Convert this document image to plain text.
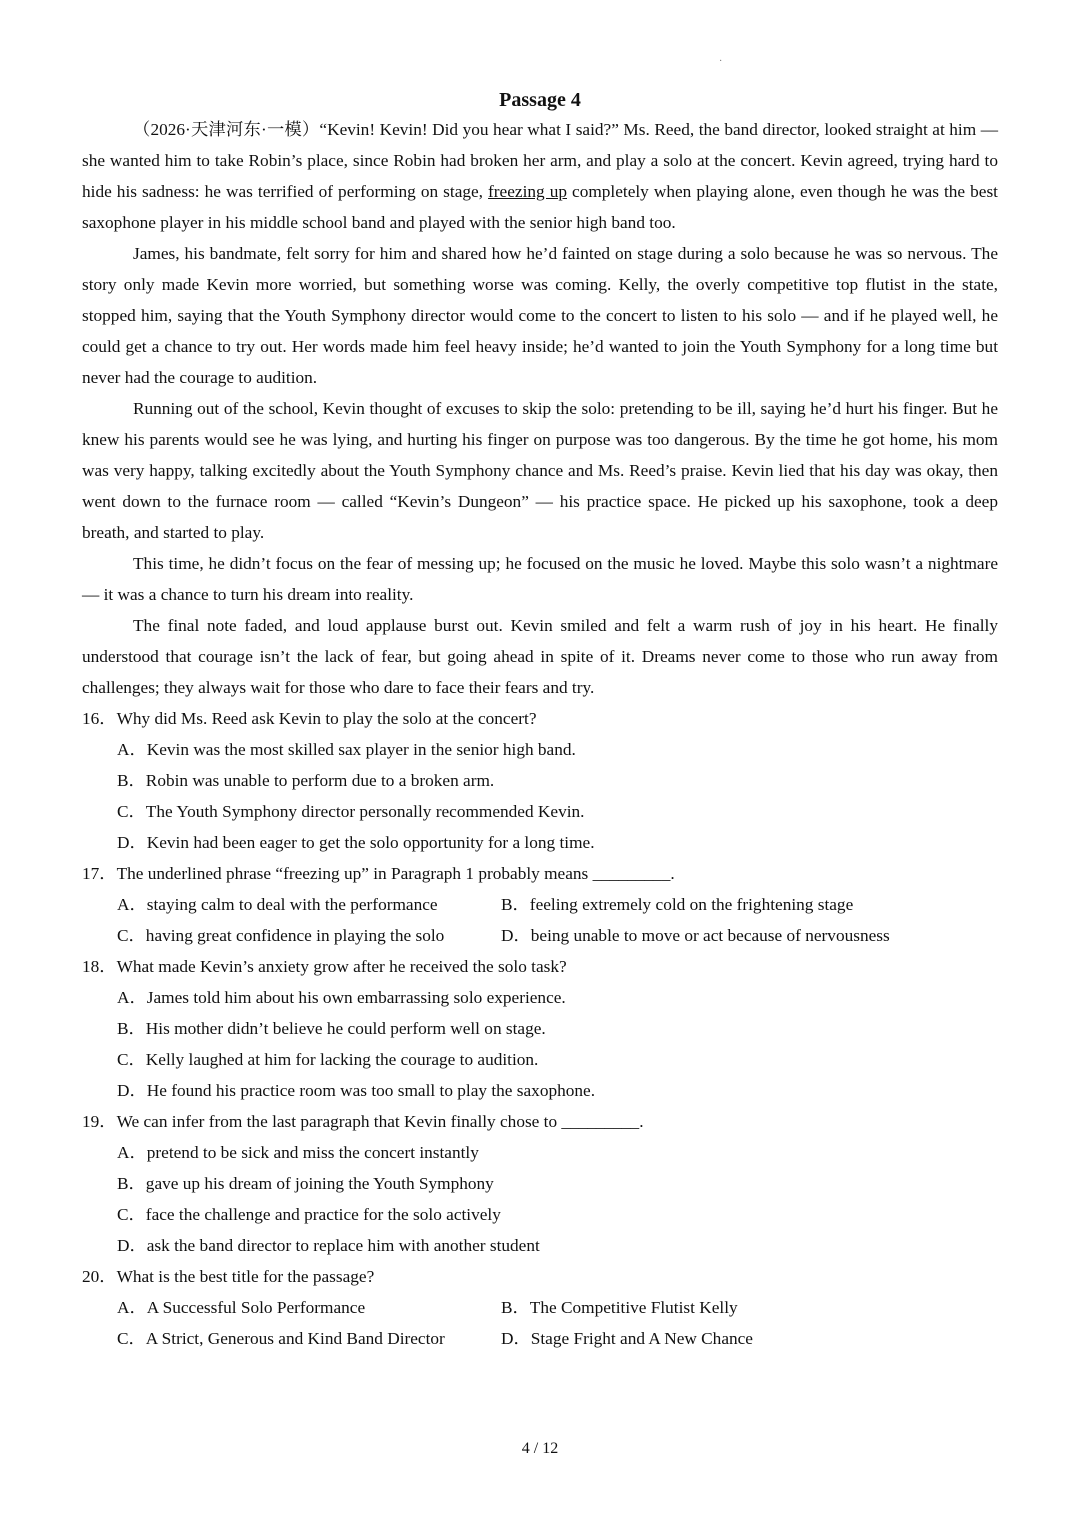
·
Passage 4

（2026·天津河东·一模）“Kevin! Kevin! Did you hear what I said?” Ms. Reed, the band director, looked straight at him — she wanted him to take Robin’s place, since Robin had broken her arm, and play a solo at the concert. Kevin agreed, trying hard to hide his sadness: he was terrified of performing on stage, freezing up completely when playing alone, even though he was the best saxophone player in his middle school band and played with the senior high band too.

James, his bandmate, felt sorry for him and shared how he’d fainted on stage during a solo because he was so nervous. The story only made Kevin more worried, but something worse was coming. Kelly, the overly competitive top flutist in the state, stopped him, saying that the Youth Symphony director would come to the concert to listen to his solo — and if he played well, he could get a chance to try out. Her words made him feel heavy inside; he’d wanted to join the Youth Symphony for a long time but never had the courage to audition.

Running out of the school, Kevin thought of excuses to skip the solo: pretending to be ill, saying he’d hurt his finger. But he knew his parents would see he was lying, and hurting his finger on purpose was too dangerous. By the time he got home, his mom was very happy, talking excitedly about the Youth Symphony chance and Ms. Reed’s praise. Kevin lied that his day was okay, then went down to the furnace room — called “Kevin’s Dungeon” — his practice space. He picked up his saxophone, took a deep breath, and started to play.

This time, he didn’t focus on the fear of messing up; he focused on the music he loved. Maybe this solo wasn’t a nightmare — it was a chance to turn his dream into reality.

The final note faded, and loud applause burst out. Kevin smiled and felt a warm rush of joy in his heart. He finally understood that courage isn’t the lack of fear, but going ahead in spite of it. Dreams never come to those who run away from challenges; they always wait for those who dare to face their fears and try.

16．Why did Ms. Reed ask Kevin to play the solo at the concert?

A．Kevin was the most skilled sax player in the senior high band.

B．Robin was unable to perform due to a broken arm.

C．The Youth Symphony director personally recommended Kevin.

D．Kevin had been eager to get the solo opportunity for a long time.

17．The underlined phrase “freezing up” in Paragraph 1 probably means _________.

A．staying calm to deal with the performance	B．feeling extremely cold on the frightening stage
C．having great confidence in playing the solo	D．being unable to move or act because of nervousness

18．What made Kevin’s anxiety grow after he received the solo task?

A．James told him about his own embarrassing solo experience.

B．His mother didn’t believe he could perform well on stage.

C．Kelly laughed at him for lacking the courage to audition.

D．He found his practice room was too small to play the saxophone.

19．We can infer from the last paragraph that Kevin finally chose to _________.

A．pretend to be sick and miss the concert instantly

B．gave up his dream of joining the Youth Symphony

C．face the challenge and practice for the solo actively

D．ask the band director to replace him with another student

20．What is the best title for the passage?

A．A Successful Solo Performance	B．The Competitive Flutist Kelly
C．A Strict, Generous and Kind Band Director	D．Stage Fright and A New Chance
4 / 12
